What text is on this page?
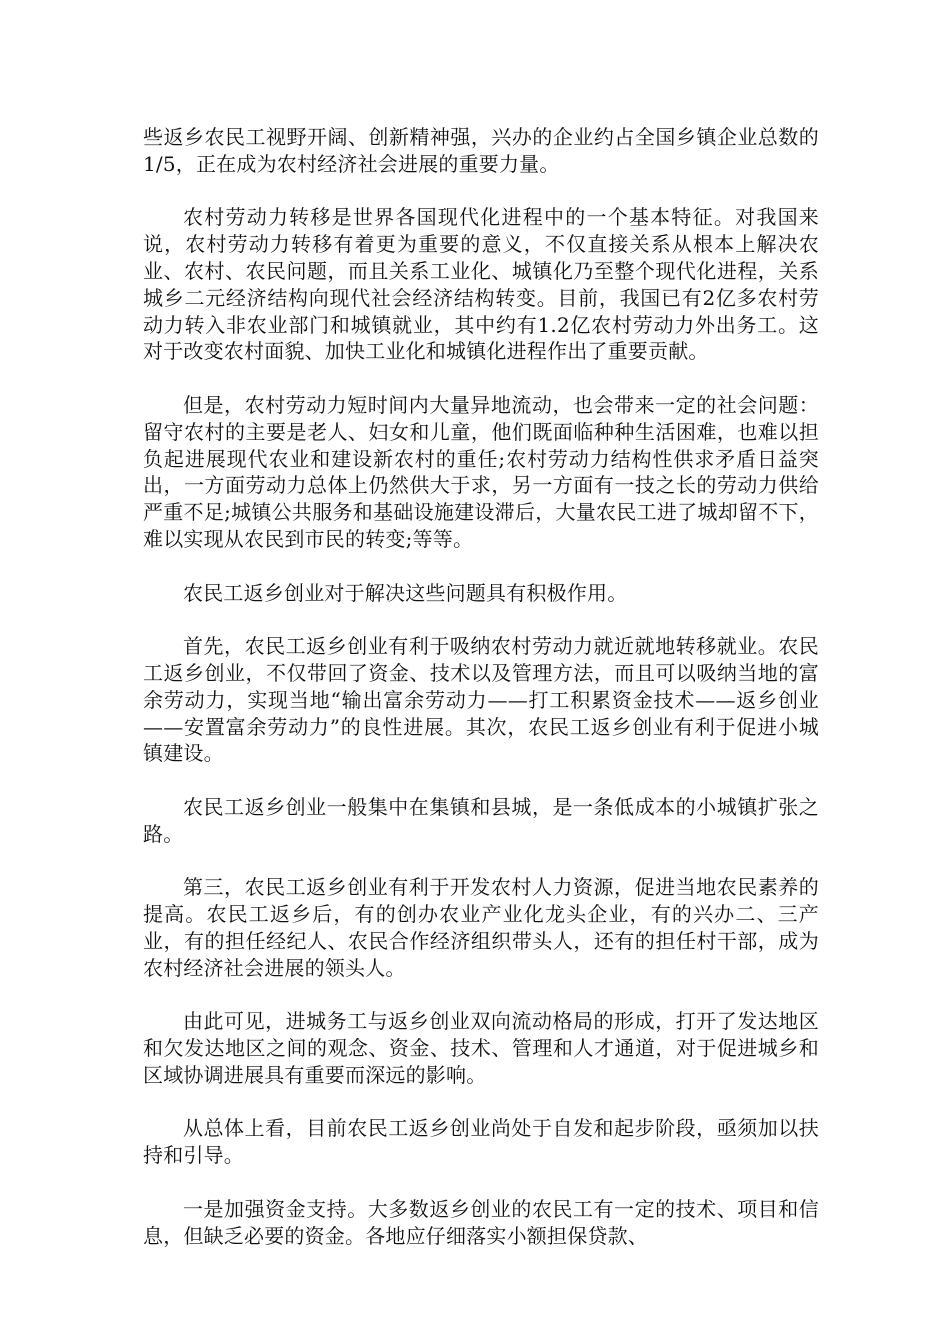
些返乡农民工视野开阔、创新精神强，兴办的企业约占全国乡镇企业总数的1/5，正在成为农村经济社会进展的重要力量。

农村劳动力转移是世界各国现代化进程中的一个基本特征。对我国来说，农村劳动力转移有着更为重要的意义，不仅直接关系从根本上解决农业、农村、农民问题，而且关系工业化、城镇化乃至整个现代化进程，关系城乡二元经济结构向现代社会经济结构转变。目前，我国已有2亿多农村劳动力转入非农业部门和城镇就业，其中约有1.2亿农村劳动力外出务工。这对于改变农村面貌、加快工业化和城镇化进程作出了重要贡献。

但是，农村劳动力短时间内大量异地流动，也会带来一定的社会问题：留守农村的主要是老人、妇女和儿童，他们既面临种种生活困难，也难以担负起进展现代农业和建设新农村的重任;农村劳动力结构性供求矛盾日益突出，一方面劳动力总体上仍然供大于求，另一方面有一技之长的劳动力供给严重不足;城镇公共服务和基础设施建设滞后，大量农民工进了城却留不下，难以实现从农民到市民的转变;等等。

农民工返乡创业对于解决这些问题具有积极作用。

首先，农民工返乡创业有利于吸纳农村劳动力就近就地转移就业。农民工返乡创业，不仅带回了资金、技术以及管理方法，而且可以吸纳当地的富余劳动力，实现当地“输出富余劳动力——打工积累资金技术——返乡创业——安置富余劳动力”的良性进展。其次，农民工返乡创业有利于促进小城镇建设。

农民工返乡创业一般集中在集镇和县城，是一条低成本的小城镇扩张之路。

第三，农民工返乡创业有利于开发农村人力资源，促进当地农民素养的提高。农民工返乡后，有的创办农业产业化龙头企业，有的兴办二、三产业，有的担任经纪人、农民合作经济组织带头人，还有的担任村干部，成为农村经济社会进展的领头人。

由此可见，进城务工与返乡创业双向流动格局的形成，打开了发达地区和欠发达地区之间的观念、资金、技术、管理和人才通道，对于促进城乡和区域协调进展具有重要而深远的影响。

从总体上看，目前农民工返乡创业尚处于自发和起步阶段，亟须加以扶持和引导。

一是加强资金支持。大多数返乡创业的农民工有一定的技术、项目和信息，但缺乏必要的资金。各地应仔细落实小额担保贷款、
